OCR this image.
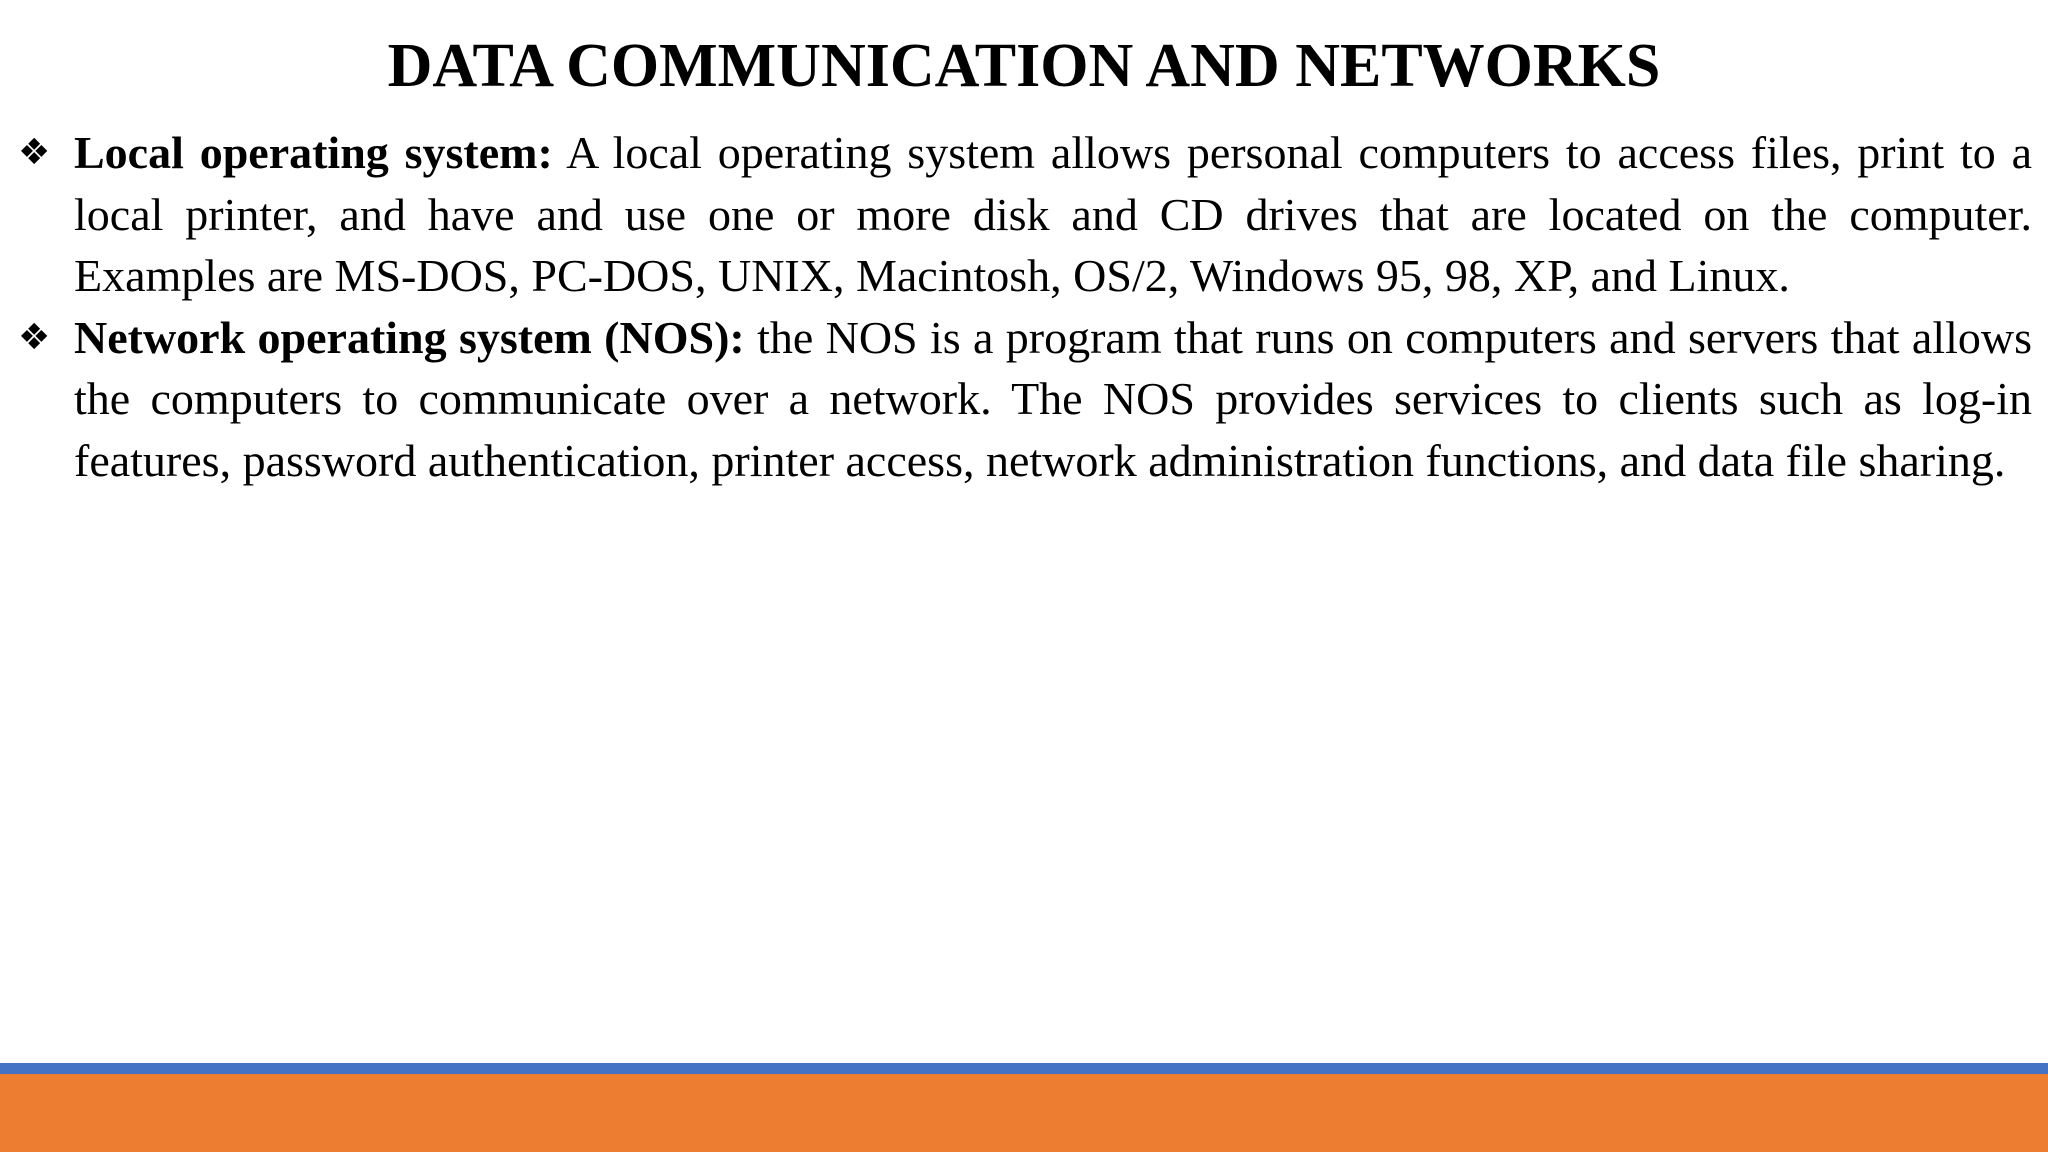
DATA COMMUNICATION AND NETWORKS

❖ Local operating system: A local operating system allows personal computers to access files, print to a local printer, and have and use one or more disk and CD drives that are located on the computer. Examples are MS-DOS, PC-DOS, UNIX, Macintosh, OS/2, Windows 95, 98, XP, and Linux.

❖ Network operating system (NOS): the NOS is a program that runs on computers and servers that allows the computers to communicate over a network. The NOS provides services to clients such as log-in features, password authentication, printer access, network administration functions, and data file sharing.
